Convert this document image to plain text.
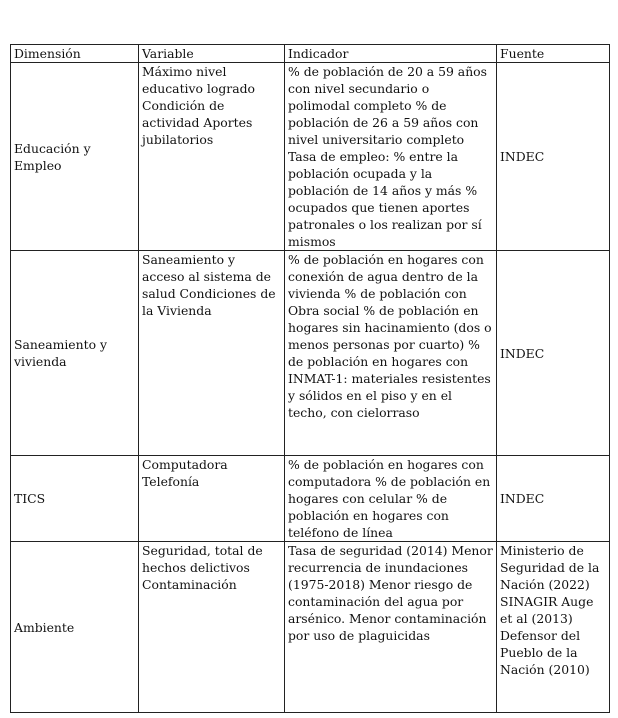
Dimensión	Variable	Indicador	Fuente
Educación y Empleo	Máximo nivel educativo logrado Condición de actividad Aportes jubilatorios	% de población de 20 a 59 años con nivel secundario o polimodal completo % de población de 26 a 59 años con nivel universitario completo Tasa de empleo: % entre la población ocupada y la población de 14 años y más % ocupados que tienen aportes patronales o los realizan por sí mismos	INDEC
Saneamiento y vivienda	Saneamiento y acceso al sistema de salud Condiciones de la Vivienda	% de población en hogares con conexión de agua dentro de la vivienda % de población con Obra social % de población en hogares sin hacinamiento (dos o menos personas por cuarto) % de población en hogares con INMAT-1: materiales resistentes y sólidos en el piso y en el techo, con cielorraso	INDEC
TICS	Computadora Telefonía	% de población en hogares con computadora % de población en hogares con celular % de población en hogares con teléfono de línea	INDEC
Ambiente	Seguridad, total de hechos delictivos Contaminación	Tasa de seguridad (2014) Menor recurrencia de inundaciones (1975-2018) Menor riesgo de contaminación del agua por arsénico. Menor contaminación por uso de plaguicidas	Ministerio de Seguridad de la Nación (2022) SINAGIR Auge et al (2013) Defensor del Pueblo de la Nación (2010)
